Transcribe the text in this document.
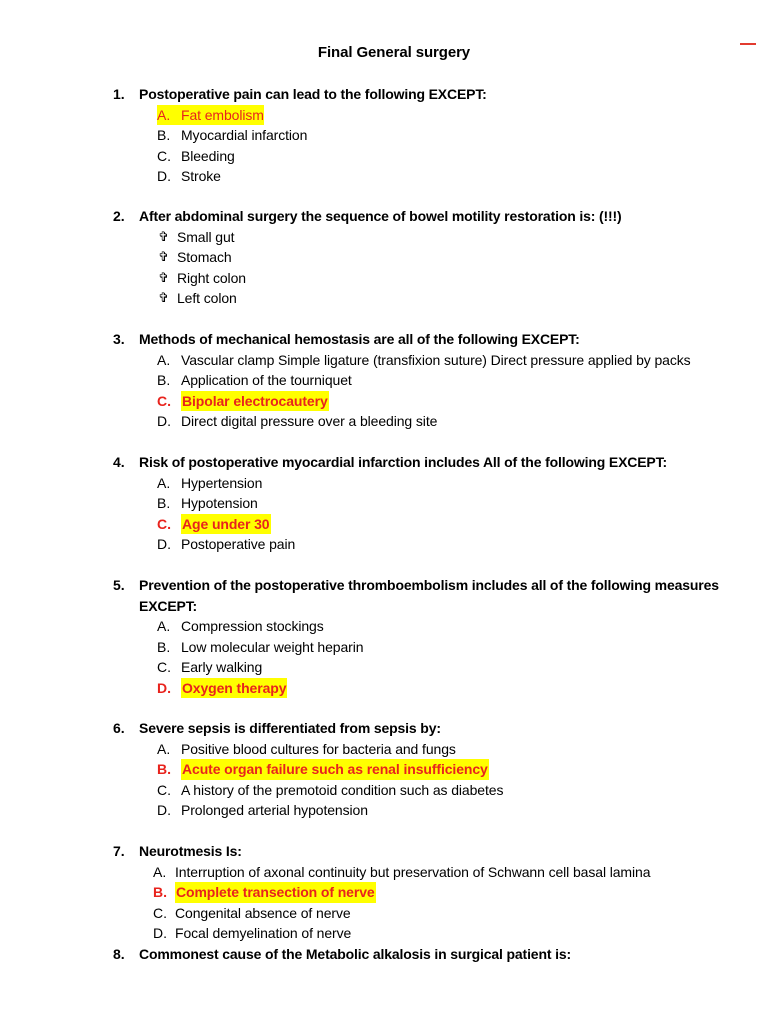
Final General surgery
1.	Postoperative pain can lead to the following EXCEPT:
A. Fat embolism
B. Myocardial infarction
C. Bleeding
D. Stroke
2.	After abdominal surgery the sequence of bowel motility restoration is: (!!!)
✞ Small gut
✞ Stomach
✞ Right colon
✞ Left colon
3.	Methods of mechanical hemostasis are all of the following EXCEPT:
A. Vascular clamp Simple ligature (transfixion suture) Direct pressure applied by packs
B. Application of the tourniquet
C. Bipolar electrocautery
D. Direct digital pressure over a bleeding site
4.	Risk of postoperative myocardial infarction includes All of the following EXCEPT:
A. Hypertension
B. Hypotension
C. Age under 30
D. Postoperative pain
5.	Prevention of the postoperative thromboembolism includes all of the following measures EXCEPT:
A. Compression stockings
B. Low molecular weight heparin
C. Early walking
D. Oxygen therapy
6.	Severe sepsis is differentiated from sepsis by:
A. Positive blood cultures for bacteria and fungs
B. Acute organ failure such as renal insufficiency
C. A history of the premotoid condition such as diabetes
D. Prolonged arterial hypotension
7.	Neurotmesis Is:
A. Interruption of axonal continuity but preservation of Schwann cell basal lamina
B. Complete transection of nerve
C. Congenital absence of nerve
D. Focal demyelination of nerve
8.	Commonest cause of the Metabolic alkalosis in surgical patient is:
